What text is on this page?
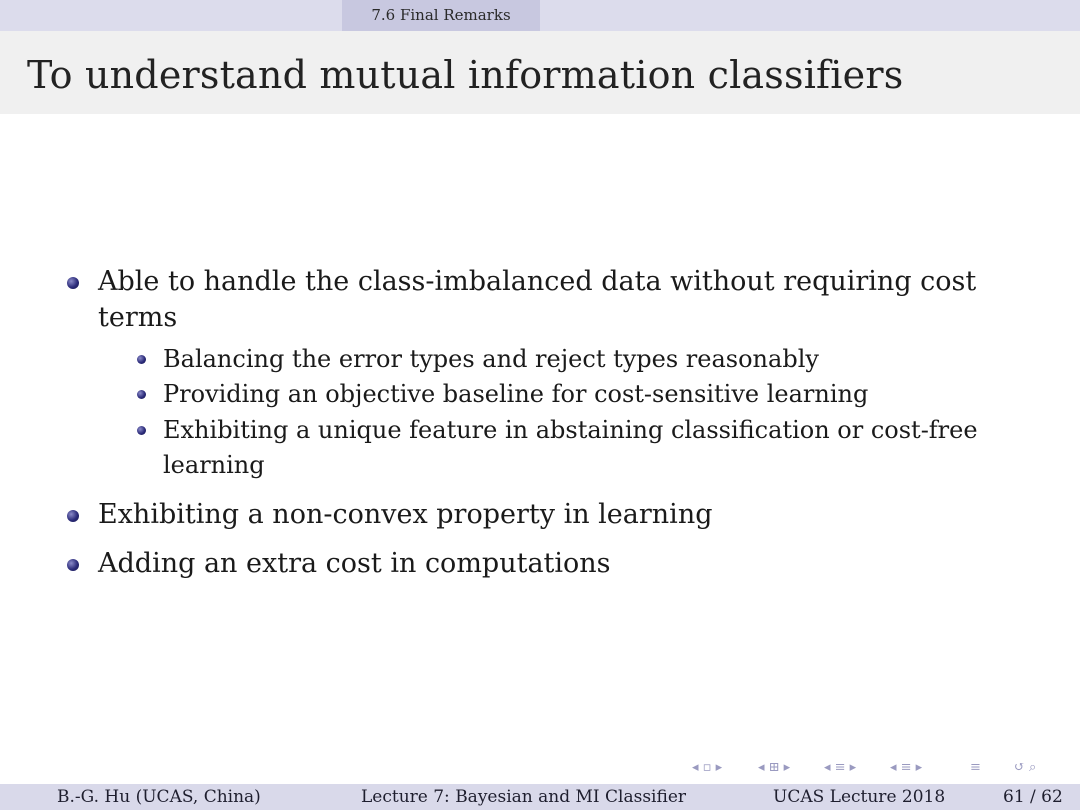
7.6 Final Remarks
To understand mutual information classifiers
Able to handle the class-imbalanced data without requiring cost terms
Balancing the error types and reject types reasonably
Providing an objective baseline for cost-sensitive learning
Exhibiting a unique feature in abstaining classification or cost-free learning
Exhibiting a non-convex property in learning
Adding an extra cost in computations
◂ ▫ ▸	◂ ⊞ ▸	◂ ≡ ▸	◂ ≡ ▸	≡	↺ ⌕
B.-G. Hu (UCAS, China)	Lecture 7: Bayesian and MI Classifier	UCAS Lecture 2018	61 / 62
